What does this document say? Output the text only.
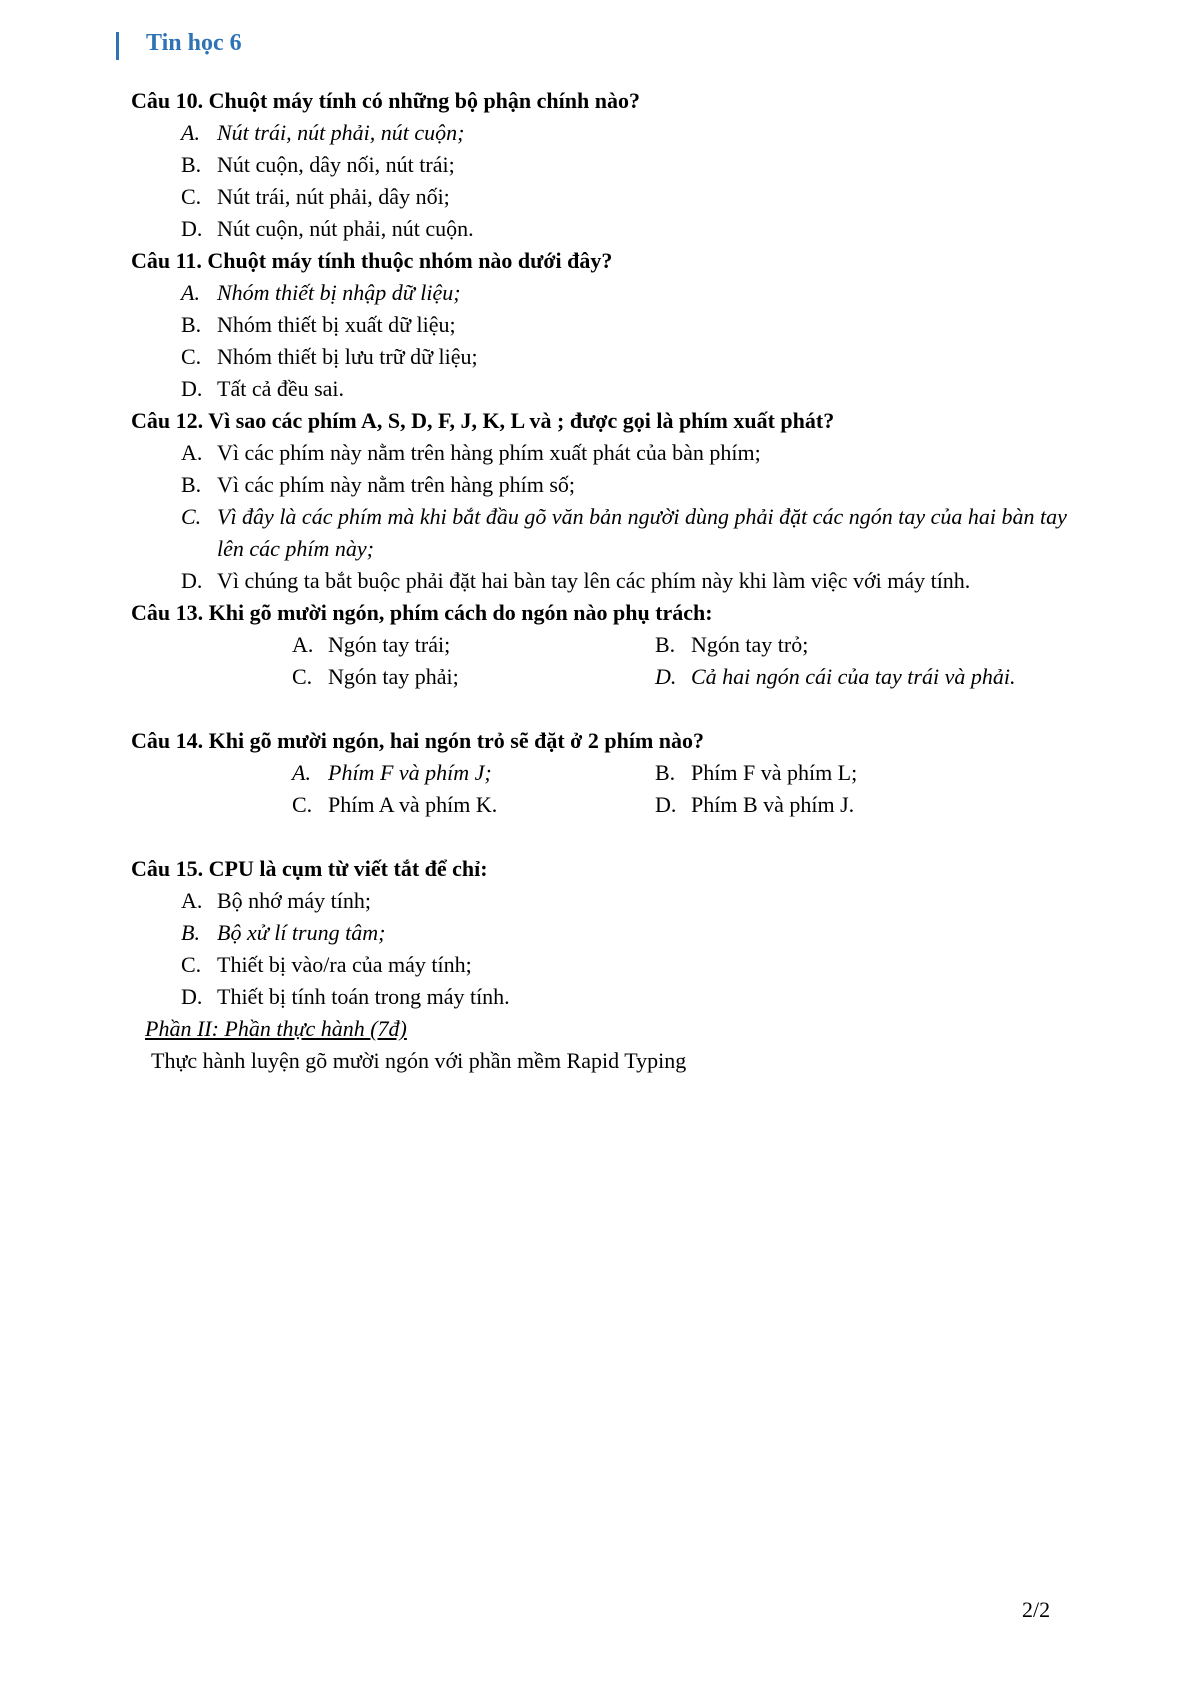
Tin học 6
Câu 10. Chuột máy tính có những bộ phận chính nào?
A. Nút trái, nút phải, nút cuộn;
B. Nút cuộn, dây nối, nút trái;
C. Nút trái, nút phải, dây nối;
D. Nút cuộn, nút phải, nút cuộn.
Câu 11. Chuột máy tính thuộc nhóm nào dưới đây?
A. Nhóm thiết bị nhập dữ liệu;
B. Nhóm thiết bị xuất dữ liệu;
C. Nhóm thiết bị lưu trữ dữ liệu;
D. Tất cả đều sai.
Câu 12. Vì sao các phím A, S, D, F, J, K, L và ; được gọi là phím xuất phát?
A. Vì các phím này nằm trên hàng phím xuất phát của bàn phím;
B. Vì các phím này nằm trên hàng phím số;
C. Vì đây là các phím mà khi bắt đầu gõ văn bản người dùng phải đặt các ngón tay của hai bàn tay lên các phím này;
D. Vì chúng ta bắt buộc phải đặt hai bàn tay lên các phím này khi làm việc với máy tính.
Câu 13. Khi gõ mười ngón, phím cách do ngón nào phụ trách:
A. Ngón tay trái;	B. Ngón tay trỏ;
C. Ngón tay phải;	D. Cả hai ngón cái của tay trái và phải.
Câu 14. Khi gõ mười ngón, hai ngón trỏ sẽ đặt ở 2 phím nào?
A. Phím F và phím J;	B. Phím F và phím L;
C. Phím A và phím K.	D. Phím B và phím J.
Câu 15. CPU là cụm từ viết tắt để chỉ:
A. Bộ nhớ máy tính;
B. Bộ xử lí trung tâm;
C. Thiết bị vào/ra của máy tính;
D. Thiết bị tính toán trong máy tính.
Phần II: Phần thực hành (7đ)
Thực hành luyện gõ mười ngón với phần mềm Rapid Typing
2/2
